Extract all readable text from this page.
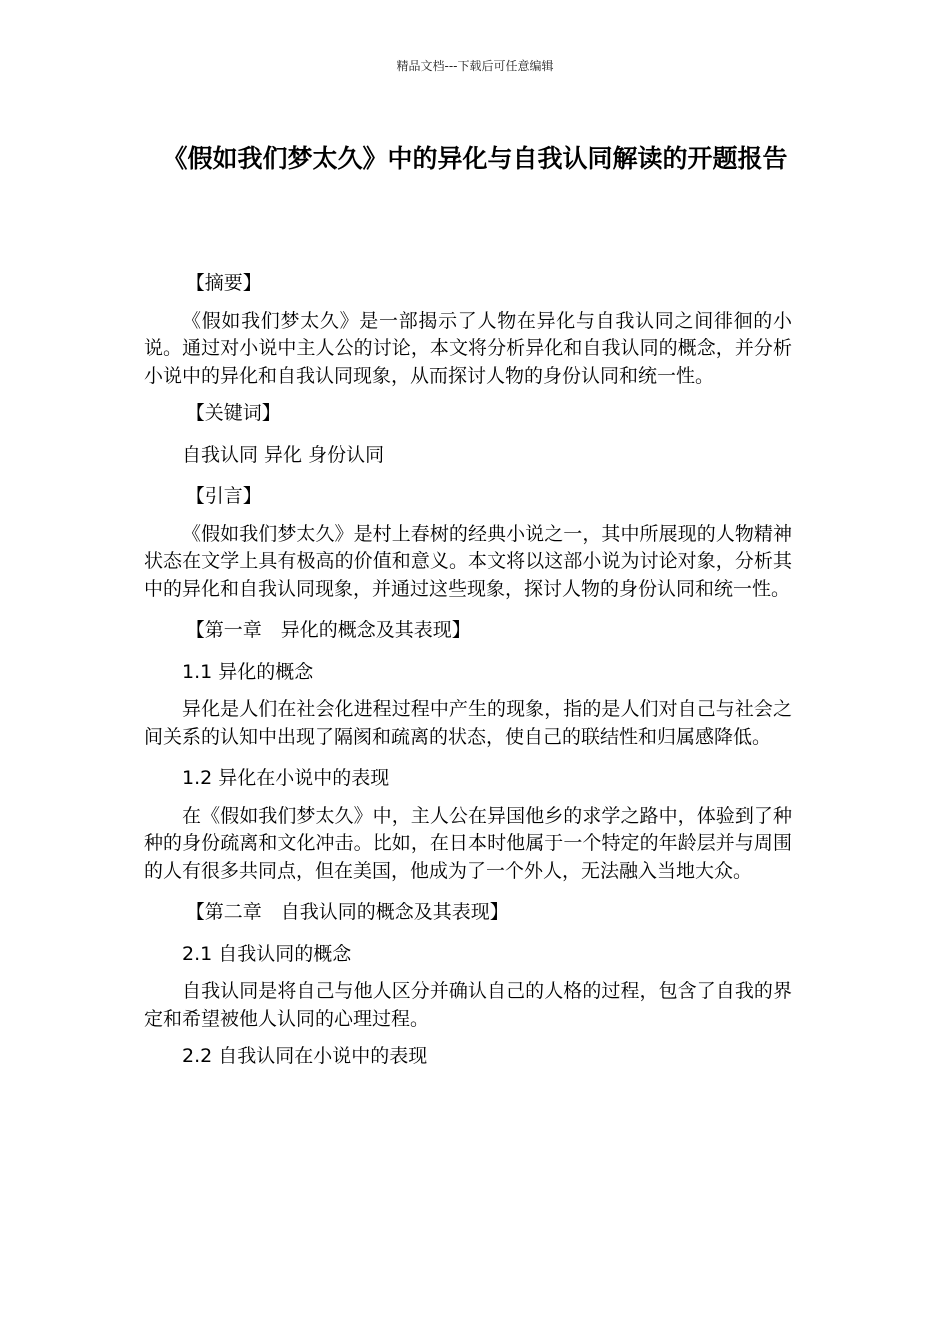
精品文档---下载后可任意编辑
《假如我们梦太久》中的异化与自我认同解读的开题报告

【摘要】

《假如我们梦太久》是一部揭示了人物在异化与自我认同之间徘徊的小说。通过对小说中主人公的讨论，本文将分析异化和自我认同的概念，并分析小说中的异化和自我认同现象，从而探讨人物的身份认同和统一性。

【关键词】

自我认同 异化 身份认同

【引言】

《假如我们梦太久》是村上春树的经典小说之一，其中所展现的人物精神状态在文学上具有极高的价值和意义。本文将以这部小说为讨论对象，分析其中的异化和自我认同现象，并通过这些现象，探讨人物的身份认同和统一性。

【第一章　异化的概念及其表现】

1.1 异化的概念

异化是人们在社会化进程过程中产生的现象，指的是人们对自己与社会之间关系的认知中出现了隔阂和疏离的状态，使自己的联结性和归属感降低。

1.2 异化在小说中的表现

在《假如我们梦太久》中，主人公在异国他乡的求学之路中，体验到了种种的身份疏离和文化冲击。比如，在日本时他属于一个特定的年龄层并与周围的人有很多共同点，但在美国，他成为了一个外人，无法融入当地大众。

【第二章　自我认同的概念及其表现】

2.1 自我认同的概念

自我认同是将自己与他人区分并确认自己的人格的过程，包含了自我的界定和希望被他人认同的心理过程。

2.2 自我认同在小说中的表现
